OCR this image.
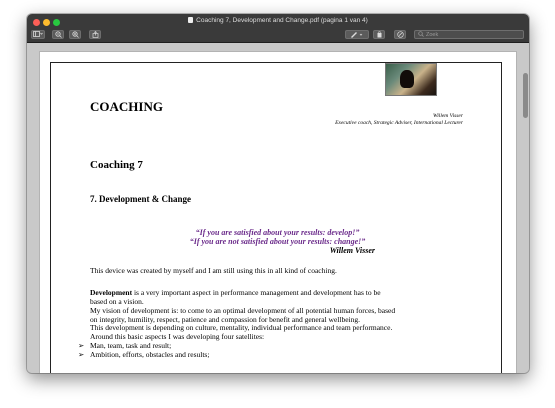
Coaching 7, Development and Change.pdf (pagina 1 van 4)
Zoek
COACHING
Willem Visser
Executive coach, Strategic Adviser, International Lecturer
Coaching 7
7. Development & Change
“If you are satisfied about your results: develop!”
“If you are not satisfied about your results: change!”
Willem Visser
This device was created by myself and I am still using this in all kind of coaching.
Development is a very important aspect in performance management and development has to be
based on a vision.
My vision of development is: to come to an optimal development of all potential human forces, based
on integrity, humility, respect, patience and compassion for benefit and general wellbeing.
This development is depending on culture, mentality, individual performance and team performance.
Around this basic aspects I was developing four satellites:
➢ Man, team, task and result;
➢ Ambition, efforts, obstacles and results;
